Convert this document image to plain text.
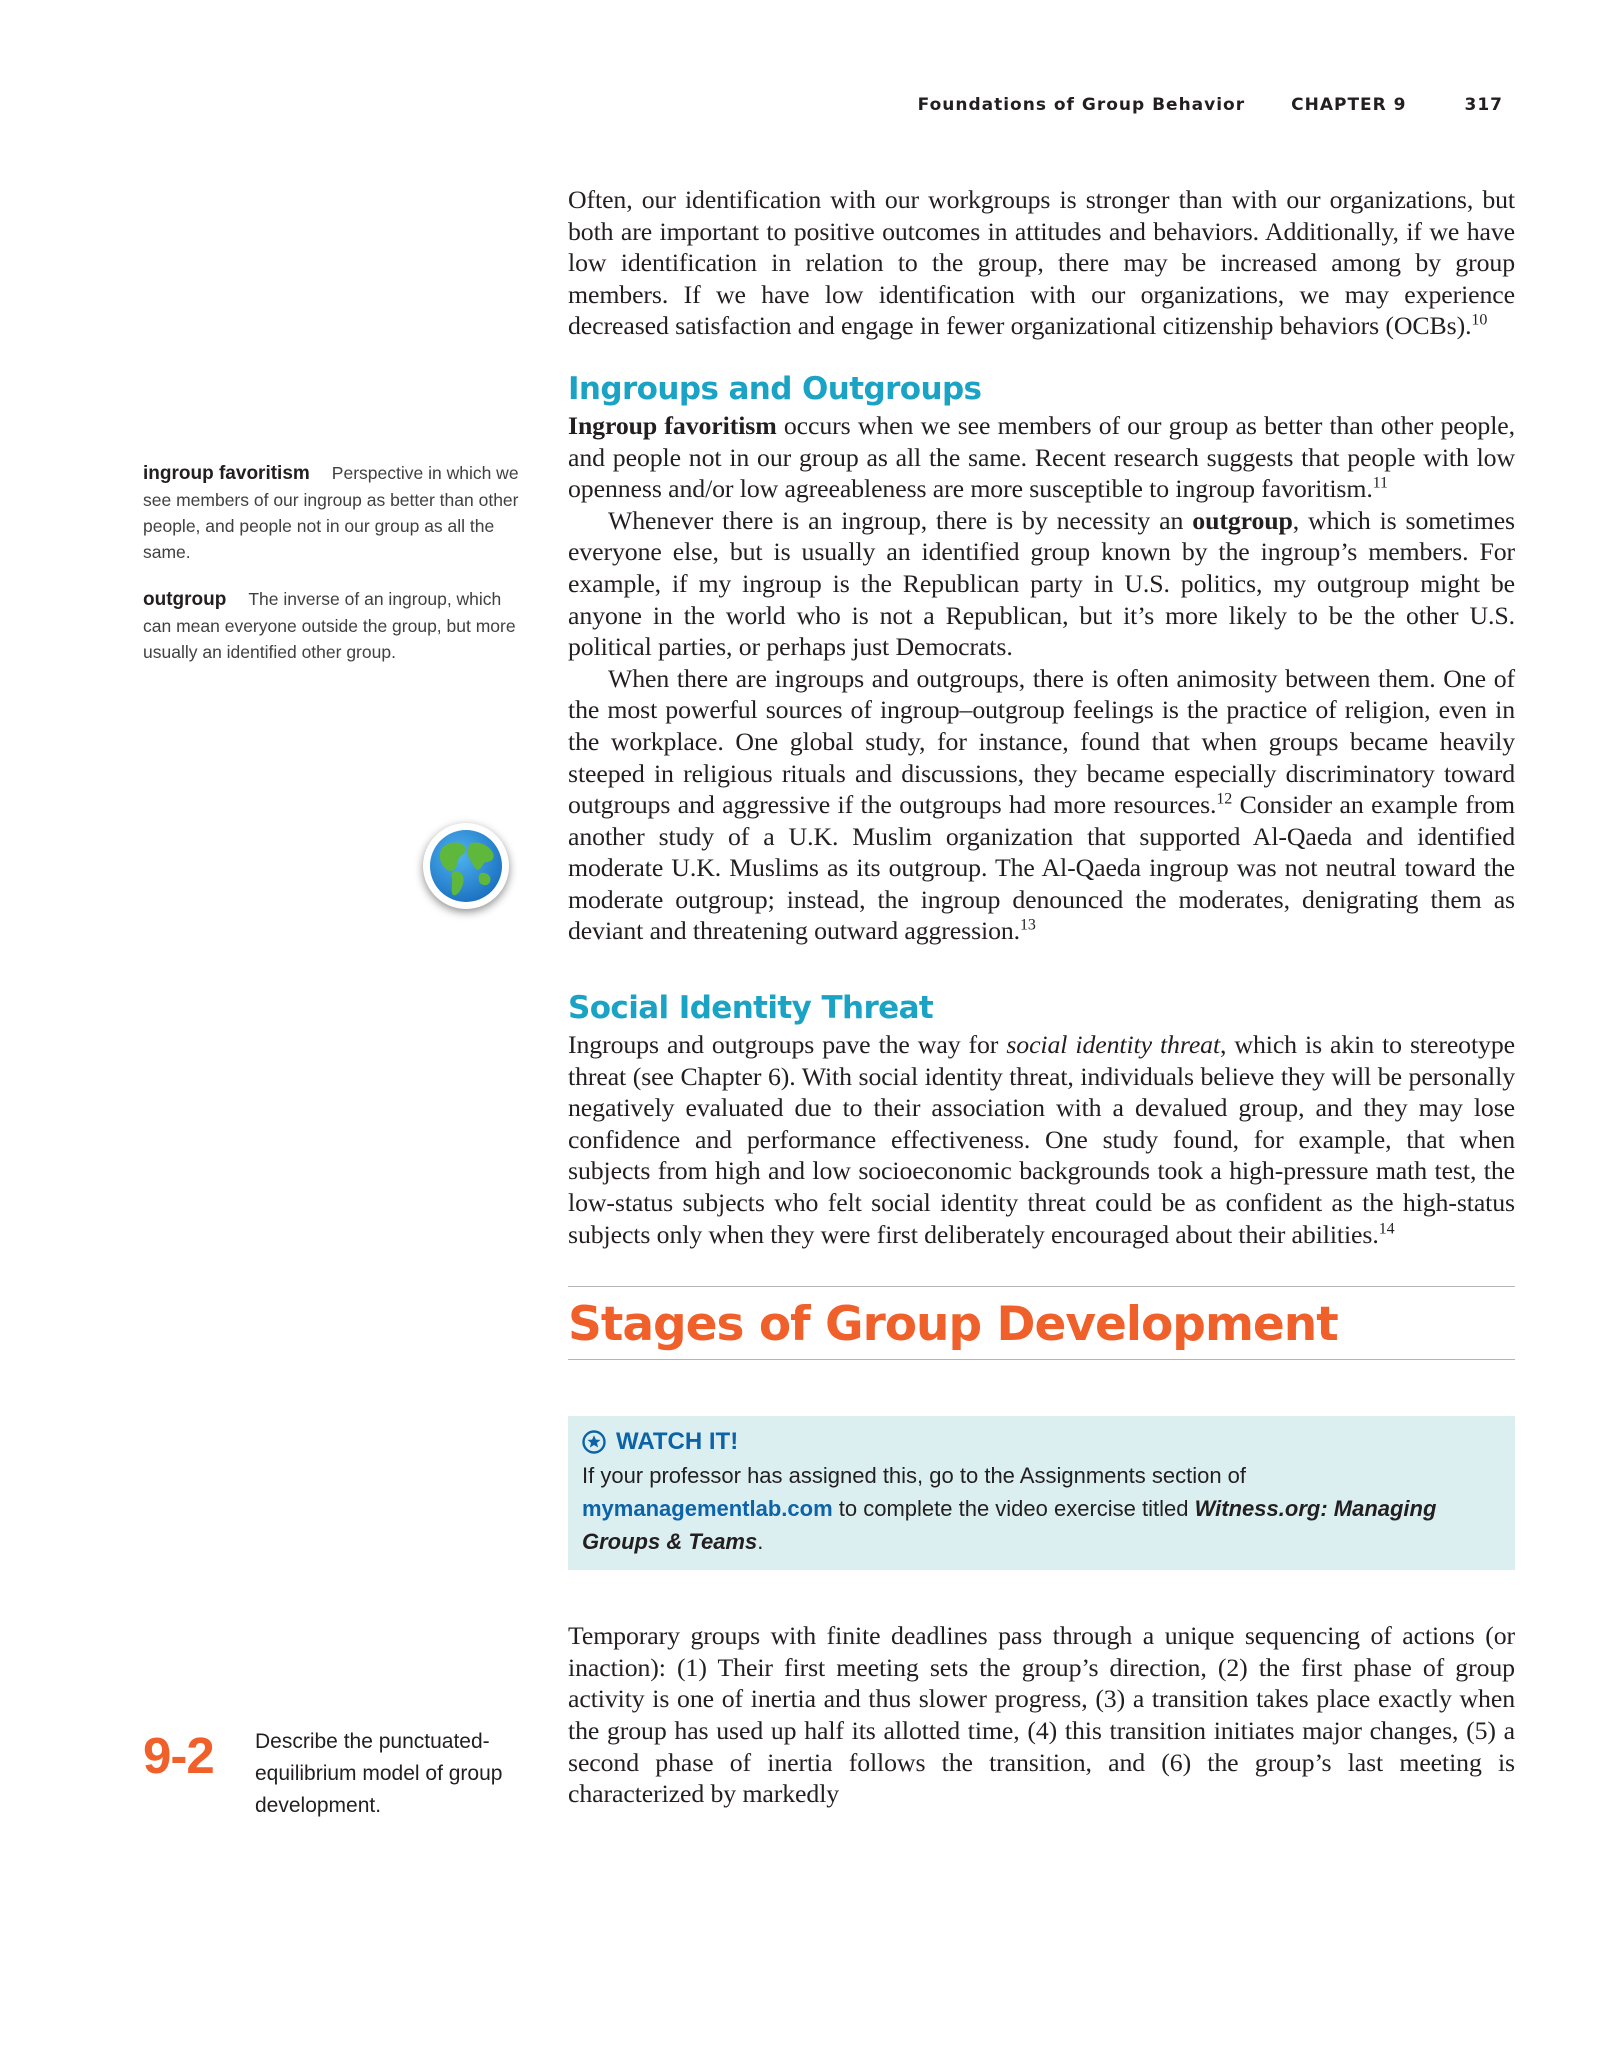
Foundations of Group Behavior	CHAPTER 9	317
ingroup favoritism Perspective in which we see members of our ingroup as better than other people, and people not in our group as all the same.
outgroup The inverse of an ingroup, which can mean everyone outside the group, but more usually an identified other group.
9-2	Describe the punctuated-equilibrium model of group development.

Often, our identification with our workgroups is stronger than with our organizations, but both are important to positive outcomes in attitudes and behaviors. Additionally, if we have low identification in relation to the group, there may be increased among by group members. If we have low identification with our organizations, we may experience decreased satisfaction and engage in fewer organizational citizenship behaviors (OCBs).$^{10}$

Ingroups and Outgroups

Ingroup favoritism occurs when we see members of our group as better than other people, and people not in our group as all the same. Recent research suggests that people with low openness and/or low agreeableness are more susceptible to ingroup favoritism.$^{11}$

Whenever there is an ingroup, there is by necessity an outgroup, which is sometimes everyone else, but is usually an identified group known by the ingroup’s members. For example, if my ingroup is the Republican party in U.S. politics, my outgroup might be anyone in the world who is not a Republican, but it’s more likely to be the other U.S. political parties, or perhaps just Democrats.

When there are ingroups and outgroups, there is often animosity between them. One of the most powerful sources of ingroup–outgroup feelings is the practice of religion, even in the workplace. One global study, for instance, found that when groups became heavily steeped in religious rituals and discussions, they became especially discriminatory toward outgroups and aggressive if the outgroups had more resources.$^{12}$ Consider an example from another study of a U.K. Muslim organization that supported Al-Qaeda and identified moderate U.K. Muslims as its outgroup. The Al-Qaeda ingroup was not neutral toward the moderate outgroup; instead, the ingroup denounced the moderates, denigrating them as deviant and threatening outward aggression.$^{13}$

Social Identity Threat

Ingroups and outgroups pave the way for social identity threat, which is akin to stereotype threat (see Chapter 6). With social identity threat, individuals believe they will be personally negatively evaluated due to their association with a devalued group, and they may lose confidence and performance effectiveness. One study found, for example, that when subjects from high and low socioeconomic backgrounds took a high-pressure math test, the low-status subjects who felt social identity threat could be as confident as the high-status subjects only when they were first deliberately encouraged about their abilities.$^{14}$

Stages of Group Development
WATCH IT!
If your professor has assigned this, go to the Assignments section of mymanagementlab.com to complete the video exercise titled Witness.org: Managing Groups & Teams.

Temporary groups with finite deadlines pass through a unique sequencing of actions (or inaction): (1) Their first meeting sets the group’s direction, (2) the first phase of group activity is one of inertia and thus slower progress, (3) a transition takes place exactly when the group has used up half its allotted time, (4) this transition initiates major changes, (5) a second phase of inertia follows the transition, and (6) the group’s last meeting is characterized by markedly
